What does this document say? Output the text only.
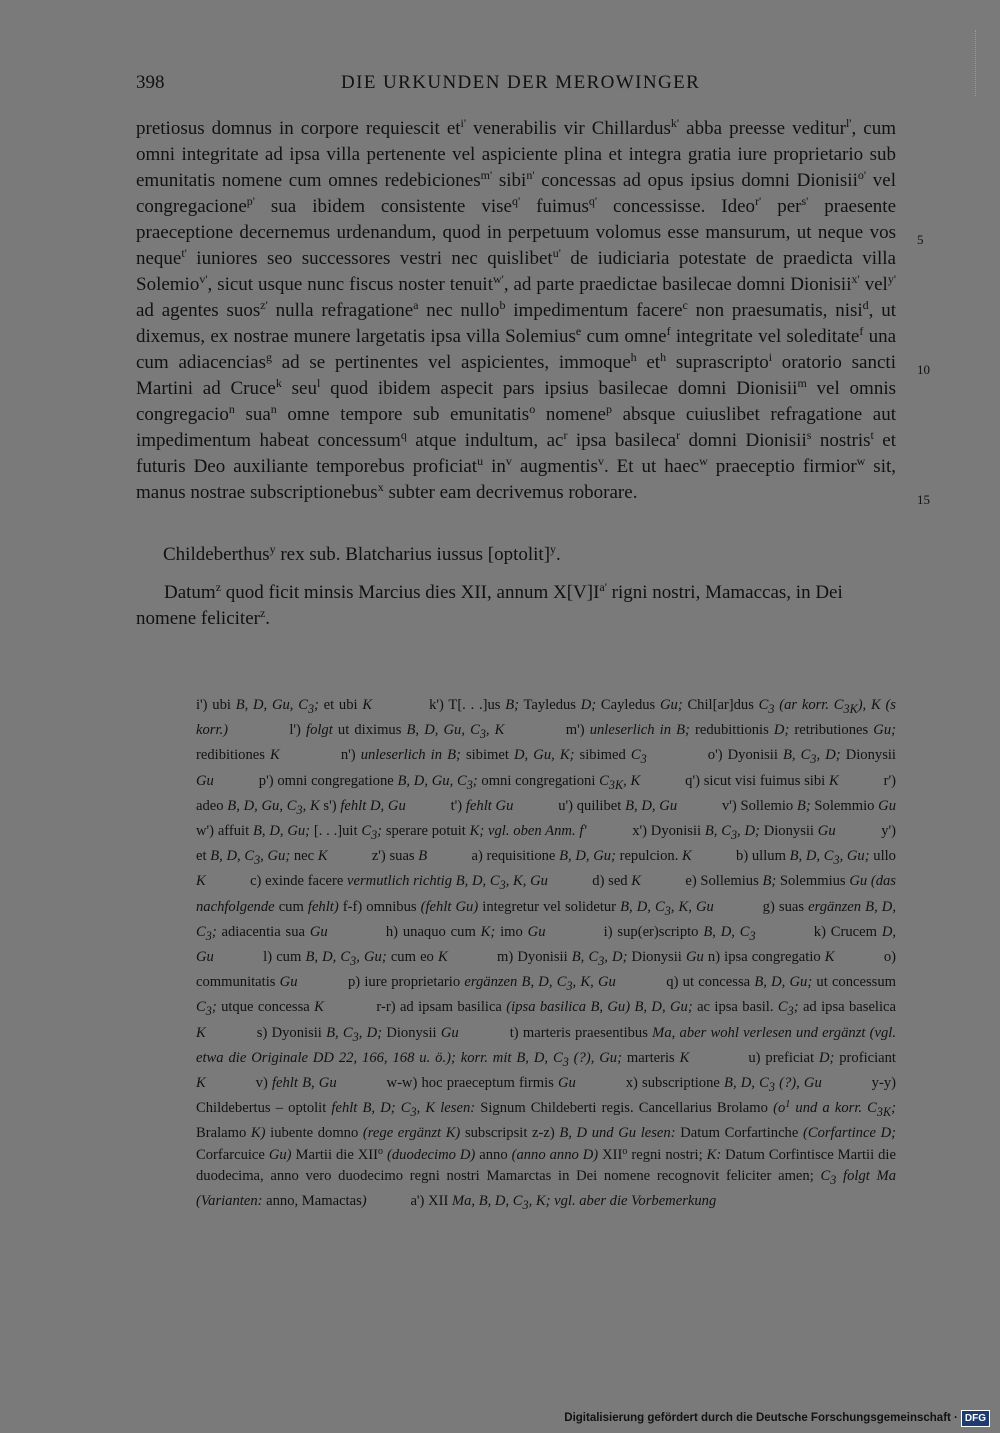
398	DIE URKUNDEN DER MEROWINGER

pretiosus domnus in corpore requiescit $et^{i'}$ venerabilis vir Chillardus$^{k'}$ abba preesse veditur$^{l'}$, cum omni integritate ad ipsa villa pertenente vel aspiciente plina et integra gratia iure proprietario sub emunitatis nomene cum omnes redebiciones$^{m'}$ sibi$^{n'}$ concessas ad opus ipsius domni Dionisii$^{o'}$ vel congregacione$^{p'}$ sua ibidem consistente vise$^{q'}$ fuimus$^{q'}$ concessisse. Ideo$^{r'}$ per$^{s'}$ praesente praeceptione decernemus urdenandum, quod in perpetuum volomus esse mansurum, ut neque vos neque$^{t'}$ iuniores seo successores vestri nec quislibet$^{u'}$ de iudiciaria potestate de praedicta villa Solemio$^{v'}$, sicut usque nunc fiscus noster tenuit$^{w'}$, ad parte praedictae basilecae domni Dionisii$^{x'}$ vel$^{y'}$ ad agentes suos$^{z'}$ nulla refragatione$^a$ nec nullo$^b$ impedimentum facere$^c$ non praesumatis, nisi$^d$, ut dixemus, ex nostrae munere largetatis ipsa villa Solemius$^e$ cum omne$^f$ integritate vel soleditate$^f$ una cum adiacencias$^g$ ad se pertinentes vel aspicientes, immoque$^h$ $et^h$ suprascripto$^i$ oratorio sancti Martini ad Cruce$^k$ seu$^l$ quod ibidem aspecit pars ipsius basilecae domni Dionisii$^m$ vel omnis congregacio$^n$ sua$^n$ omne tempore sub emunitatis$^o$ nomene$^p$ absque cuiuslibet refragatione aut impedimentum habeat concessum$^q$ atque indultum, $ac^r$ ipsa basileca$^r$ domni Dionisii$^s$ nostris$^t$ et futuris Deo auxiliante temporebus proficiat$^u$ $in^v$ augmentis$^v$. Et ut haec$^w$ praeceptio firmior$^w$ sit, manus nostrae subscriptionebus$^x$ subter eam decrivemus roborare.

5
10
15
Childeberthus$^y$ rex sub. Blatcharius iussus [optolit]$^y$.

Datum$^z$ quod ficit minsis Marcius dies XII, annum $X[V]I^{a'}$ rigni nostri, Mamaccas, in Dei nomene feliciter$^z$.

i') ubi B, D, Gu, $C_3$; et ubi K            k') T[. . .]us B; Tayledus D; Cayledus Gu; Chil[ar]dus $C_3$ (ar korr. $C_{3K}$), K (s korr.)            l') folgt ut diximus B, D, Gu, $C_3$, K            m') unleserlich in B; redubittionis D; retributiones Gu; redibitiones K            n') unleserlich in B; sibimet D, Gu, K; sibimed $C_3$            o') Dyonisii B, $C_3$, D; Dionysii Gu            p') omni congregatione B, D, Gu, $C_3$; omni congregationi $C_{3K}$, K            q') sicut visi fuimus sibi K            r') adeo B, D, Gu, $C_3$, K s') fehlt D, Gu            t') fehlt Gu            u') quilibet B, D, Gu            v') Sollemio B; Solemmio Gu w') affuit B, D, Gu; [. . .]uit $C_3$; sperare potuit K; vgl. oben Anm. f'            x') Dyonisii B, $C_3$, D; Dionysii Gu            y') et B, D, $C_3$, Gu; nec K            z') suas B            a) requisitione B, D, Gu; repulcion. K            b) ullum B, D, $C_3$, Gu; ullo K            c) exinde facere vermutlich richtig B, D, $C_3$, K, Gu            d) sed K            e) Sollemius B; Solemmius Gu (das nachfolgende cum fehlt) f-f) omnibus (fehlt Gu) integretur vel solidetur B, D, $C_3$, K, Gu            g) suas ergänzen B, D, $C_3$; adiacentia sua Gu            h) unaquo cum K; imo Gu            i) sup(er)scripto B, D, $C_3$            k) Crucem D, Gu            l) cum B, D, $C_3$, Gu; cum eo K            m) Dyonisii B, $C_3$, D; Dionysii Gu n) ipsa congregatio K            o) communitatis Gu            p) iure proprietario ergänzen B, D, $C_3$, K, Gu            q) ut concessa B, D, Gu; ut concessum $C_3$; utque concessa K            r-r) ad ipsam basilica (ipsa basilica B, Gu) B, D, Gu; ac ipsa basil. $C_3$; ad ipsa baselica K            s) Dyonisii B, $C_3$, D; Dionysii Gu            t) marteris praesentibus Ma, aber wohl verlesen und ergänzt (vgl. etwa die Originale DD 22, 166, 168 u. ö.); korr. mit B, D, $C_3$ (?), Gu; marteris K            u) preficiat D; proficiant K            v) fehlt B, Gu            w-w) hoc praeceptum firmis Gu            x) subscriptione B, D, $C_3$ (?), Gu            y-y) Childebertus – optolit fehlt B, D; $C_3$, K lesen: Signum Childeberti regis. Cancellarius Brolamo ($o^1$ und a korr. $C_{3K}$; Bralamo K) iubente domno (rege ergänzt K) subscripsit z-z) B, D und Gu lesen: Datum Corfartinche (Corfartince D; Corfarcuice Gu) Martii die XII$^o$ (duodecimo D) anno (anno anno D) XII$^o$ regni nostri; K: Datum Corfintisce Martii die duodecima, anno vero duodecimo regni nostri Mamarctas in Dei nomene recognovit feliciter amen; $C_3$ folgt Ma (Varianten: anno, Mamactas)            a') XII Ma, B, D, $C_3$, K; vgl. aber die Vorbemerkung
Digitalisierung gefördert durch die Deutsche Forschungsgemeinschaft · DFG
